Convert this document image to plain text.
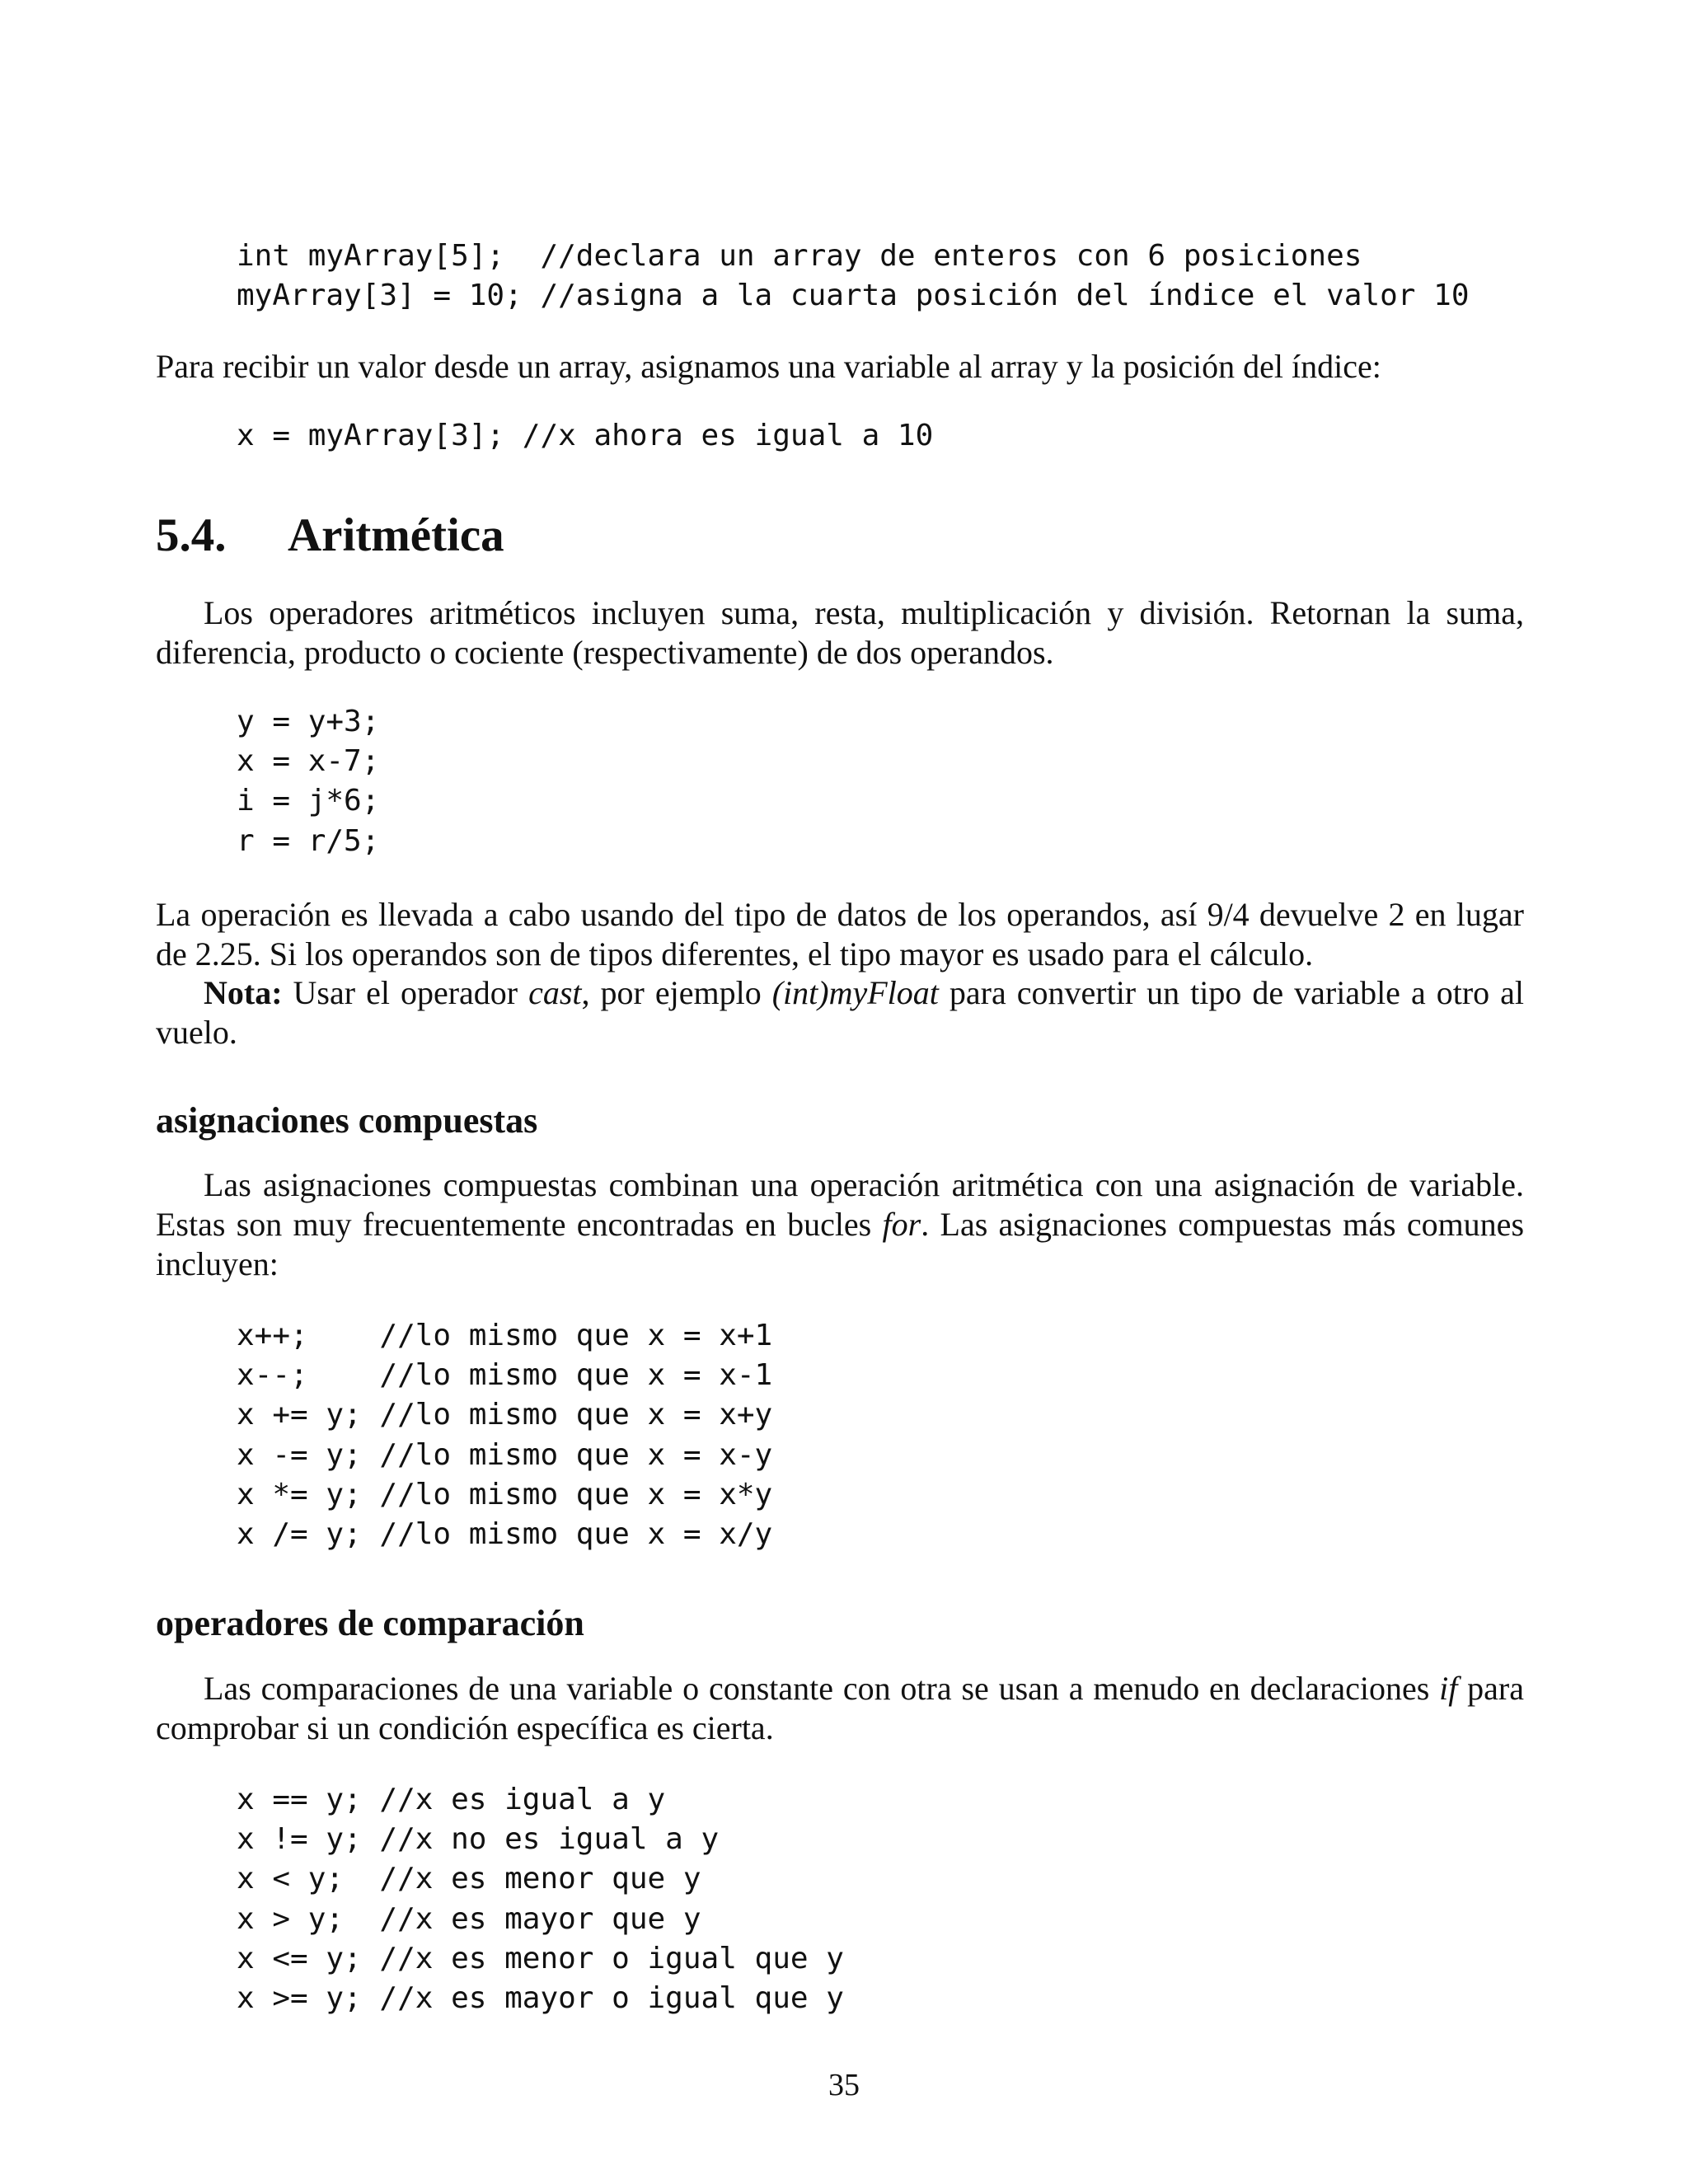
int myArray[5];  //declara un array de enteros con 6 posiciones
myArray[3] = 10; //asigna a la cuarta posición del índice el valor 10

Para recibir un valor desde un array, asignamos una variable al array y la posición del índice:

x = myArray[3]; //x ahora es igual a 10
5.4. Aritmética

Los operadores aritméticos incluyen suma, resta, multiplicación y división. Retornan la suma, diferencia, producto o cociente (respectivamente) de dos operandos.

y = y+3;
x = x-7;
i = j*6;
r = r/5;

La operación es llevada a cabo usando del tipo de datos de los operandos, así 9/4 devuelve 2 en lugar de 2.25. Si los operandos son de tipos diferentes, el tipo mayor es usado para el cálculo.

Nota: Usar el operador cast, por ejemplo (int)myFloat para convertir un tipo de variable a otro al vuelo.

asignaciones compuestas

Las asignaciones compuestas combinan una operación aritmética con una asignación de variable. Estas son muy frecuentemente encontradas en bucles for. Las asignaciones compuestas más comunes incluyen:

x++;    //lo mismo que x = x+1
x--;    //lo mismo que x = x-1
x += y; //lo mismo que x = x+y
x -= y; //lo mismo que x = x-y
x *= y; //lo mismo que x = x*y
x /= y; //lo mismo que x = x/y
operadores de comparación

Las comparaciones de una variable o constante con otra se usan a menudo en declaraciones if para comprobar si un condición específica es cierta.

x == y; //x es igual a y
x != y; //x no es igual a y
x < y;  //x es menor que y
x > y;  //x es mayor que y
x <= y; //x es menor o igual que y
x >= y; //x es mayor o igual que y
35
